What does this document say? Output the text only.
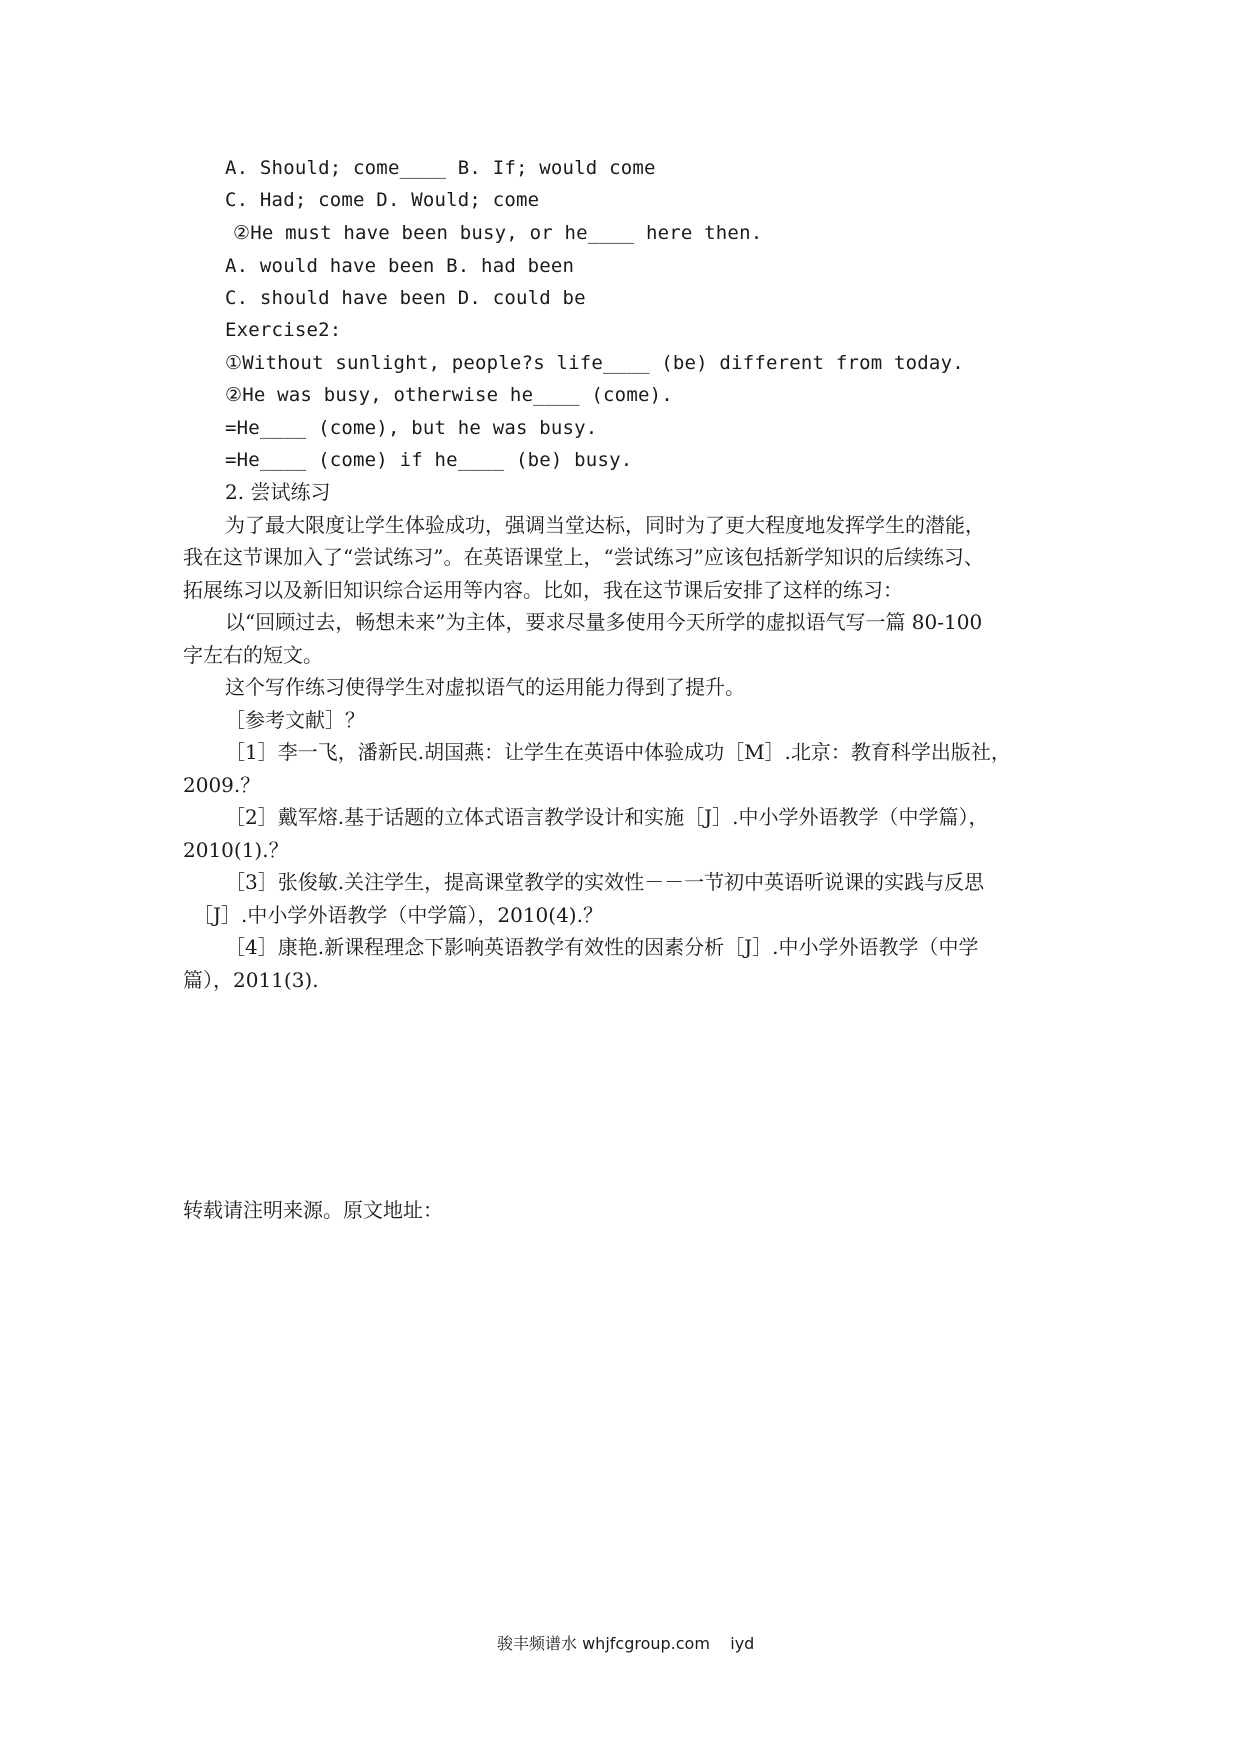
A. Should; come____ B. If; would come
C. Had; come D. Would; come
②He must have been busy, or he____ here then.
A. would have been B. had been
C. should have been D. could be
Exercise2:
①Without sunlight, people?s life____ (be) different from today.
②He was busy, otherwise he____ (come).
=He____ (come), but he was busy.
=He____ (come) if he____ (be) busy.
2. 尝试练习
为了最大限度让学生体验成功，强调当堂达标，同时为了更大程度地发挥学生的潜能，
我在这节课加入了“尝试练习”。在英语课堂上，“尝试练习”应该包括新学知识的后续练习、
拓展练习以及新旧知识综合运用等内容。比如，我在这节课后安排了这样的练习：
以“回顾过去，畅想未来”为主体，要求尽量多使用今天所学的虚拟语气写一篇 80-100
字左右的短文。
这个写作练习使得学生对虚拟语气的运用能力得到了提升。
［参考文献］？
［1］李一飞，潘新民.胡国燕：让学生在英语中体验成功［M］.北京：教育科学出版社，
2009.？
［2］戴军熔.基于话题的立体式语言教学设计和实施［J］.中小学外语教学（中学篇），
2010(1).？
［3］张俊敏.关注学生，提高课堂教学的实效性－－一节初中英语听说课的实践与反思
［J］.中小学外语教学（中学篇），2010(4).？
［4］康艳.新课程理念下影响英语教学有效性的因素分析［J］.中小学外语教学（中学
篇），2011(3).
转载请注明来源。原文地址：
骏丰频谱水 whjfcgroup.com    iyd
